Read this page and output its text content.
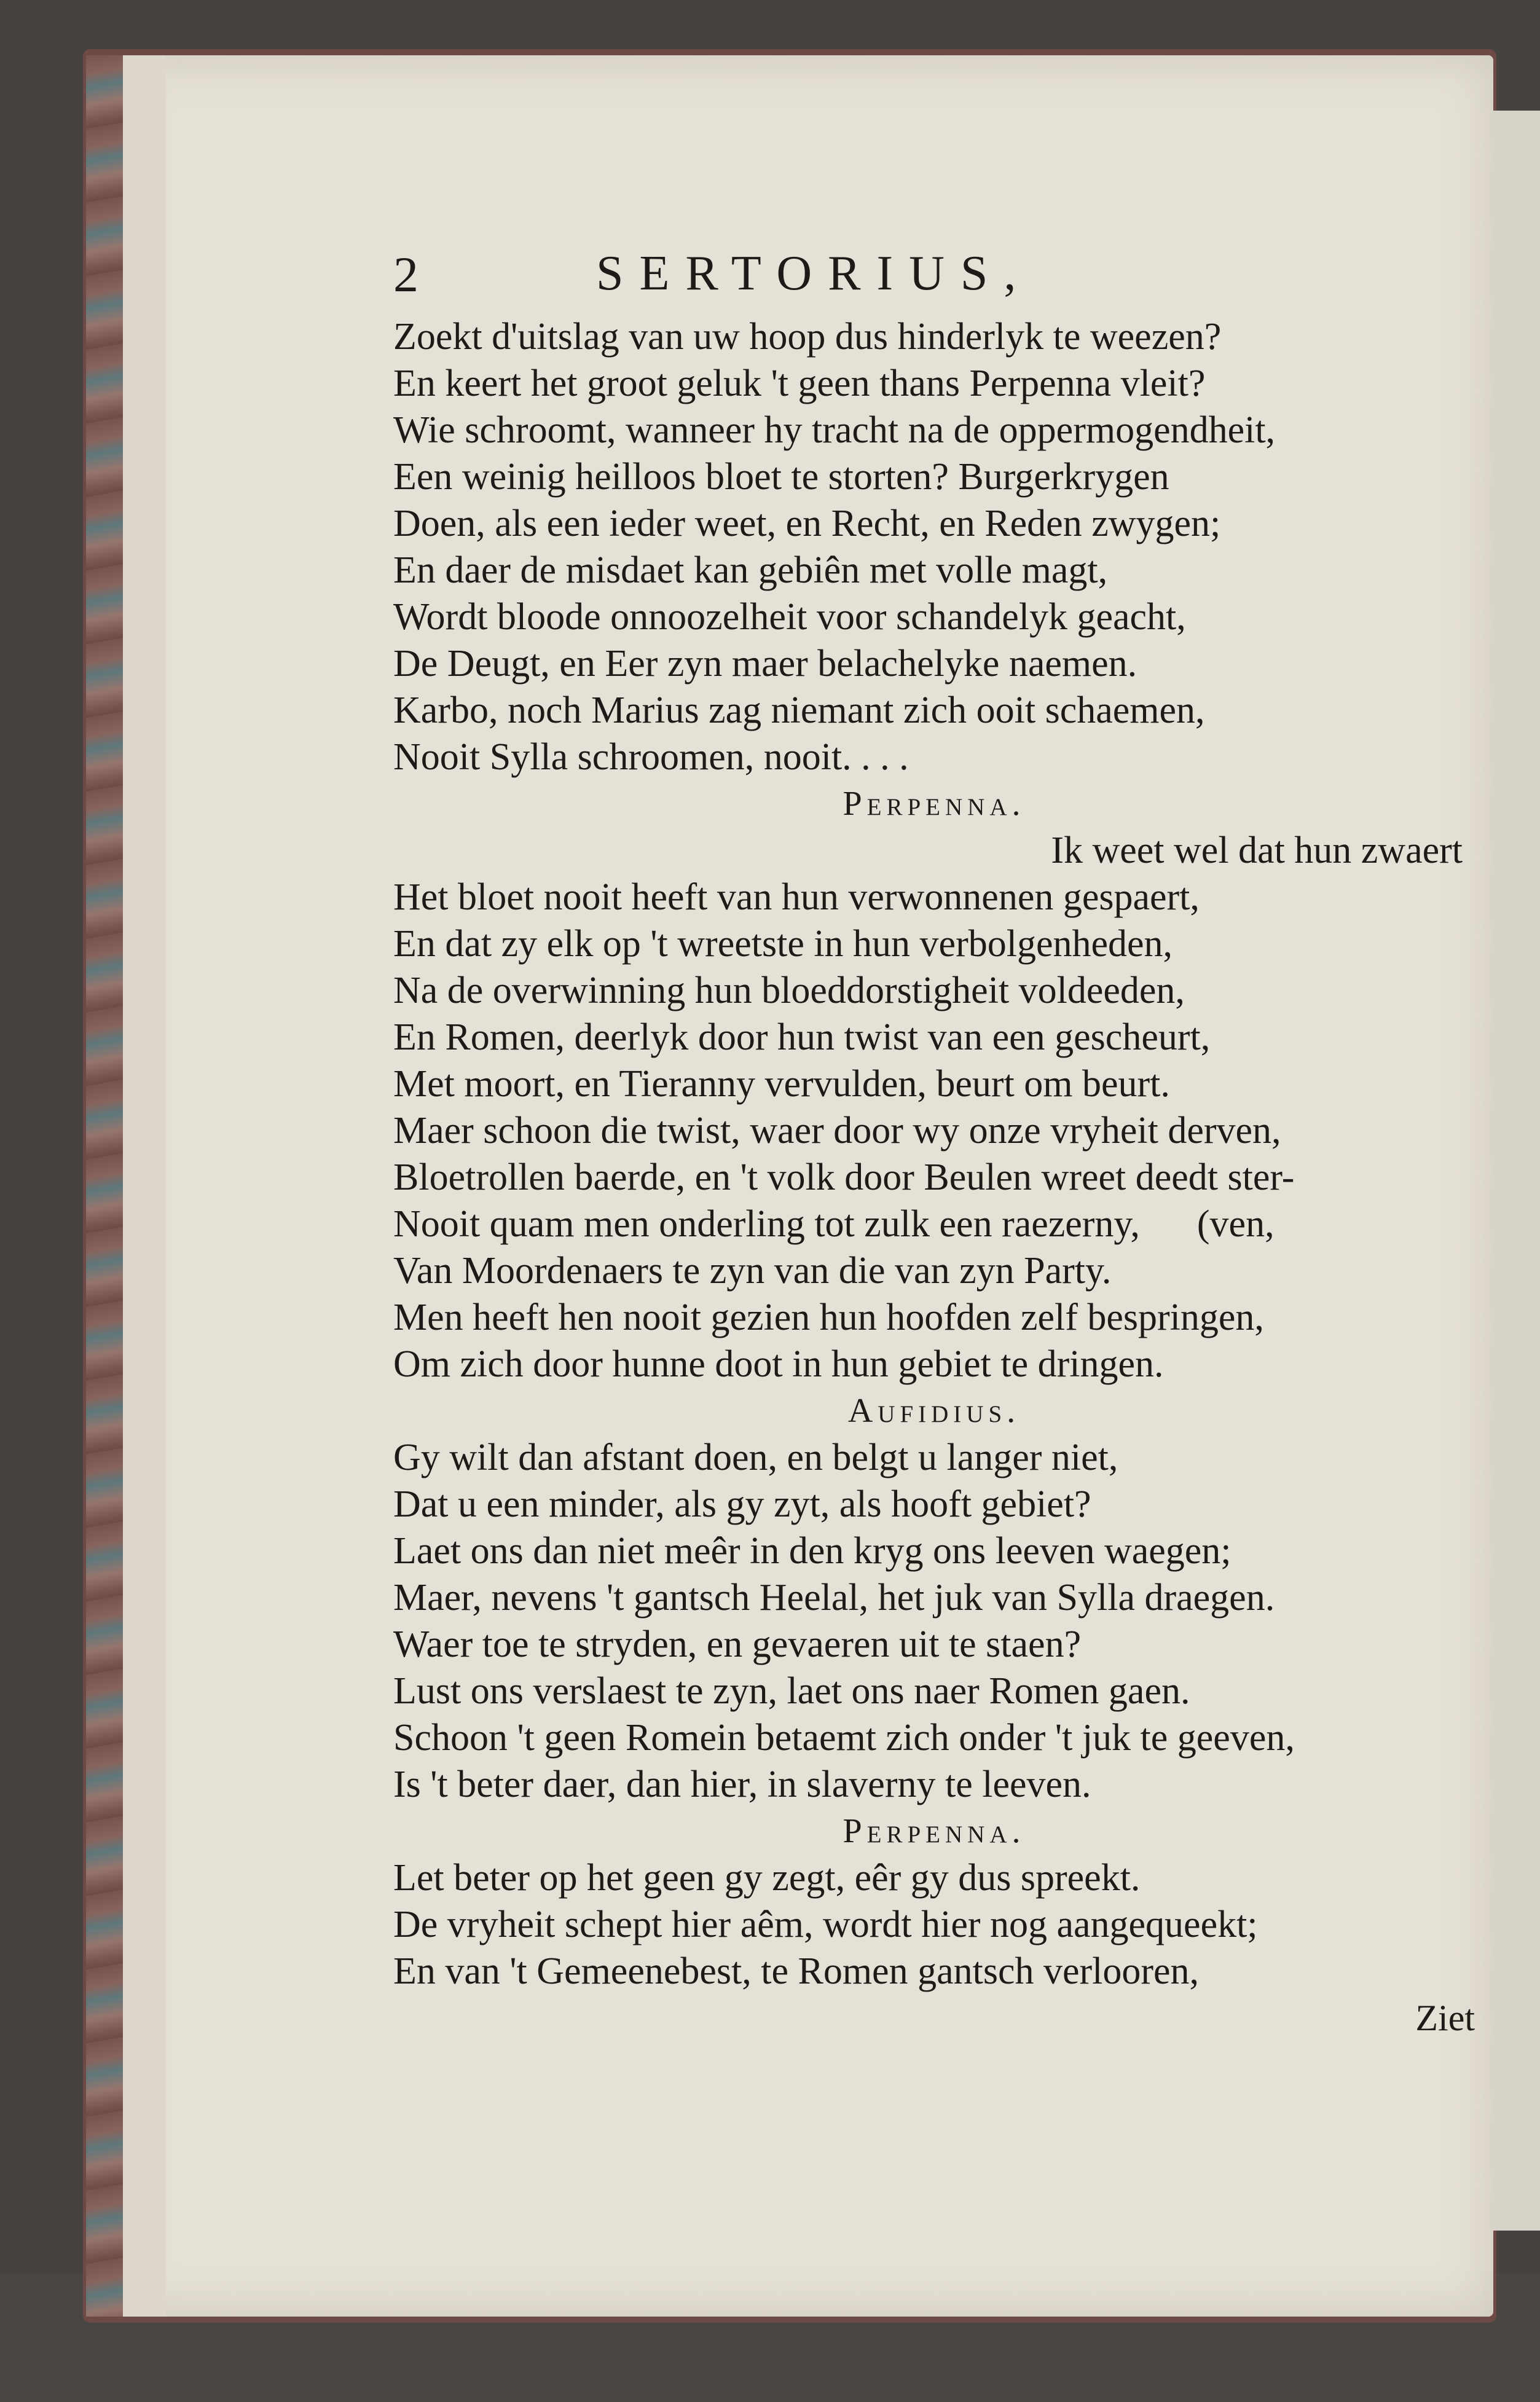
2	SERTORIUS,
Zoekt d'uitslag van uw hoop dus hinderlyk te weezen?
En keert het groot geluk 't geen thans Perpenna vleit?
Wie schroomt, wanneer hy tracht na de oppermogendheit,
Een weinig heilloos bloet te storten? Burgerkrygen
Doen, als een ieder weet, en Recht, en Reden zwygen;
En daer de misdaet kan gebiên met volle magt,
Wordt bloode onnoozelheit voor schandelyk geacht,
De Deugt, en Eer zyn maer belachelyke naemen.
Karbo, noch Marius zag niemant zich ooit schaemen,
Nooit Sylla schroomen, nooit. . . .
Perpenna.
Ik weet wel dat hun zwaert
Het bloet nooit heeft van hun verwonnenen gespaert,
En dat zy elk op 't wreetste in hun verbolgenheden,
Na de overwinning hun bloeddorstigheit voldeeden,
En Romen, deerlyk door hun twist van een gescheurt,
Met moort, en Tieranny vervulden, beurt om beurt.
Maer schoon die twist, waer door wy onze vryheit derven,
Bloetrollen baerde, en 't volk door Beulen wreet deedt ster-
Nooit quam men onderling tot zulk een raezerny,      (ven,
Van Moordenaers te zyn van die van zyn Party.
Men heeft hen nooit gezien hun hoofden zelf bespringen,
Om zich door hunne doot in hun gebiet te dringen.
Aufidius.
Gy wilt dan afstant doen, en belgt u langer niet,
Dat u een minder, als gy zyt, als hooft gebiet?
Laet ons dan niet meêr in den kryg ons leeven waegen;
Maer, nevens 't gantsch Heelal, het juk van Sylla draegen.
Waer toe te stryden, en gevaeren uit te staen?
Lust ons verslaest te zyn, laet ons naer Romen gaen.
Schoon 't geen Romein betaemt zich onder 't juk te geeven,
Is 't beter daer, dan hier, in slaverny te leeven.
Perpenna.
Let beter op het geen gy zegt, eêr gy dus spreekt.
De vryheit schept hier aêm, wordt hier nog aangequeekt;
En van 't Gemeenebest, te Romen gantsch verlooren,
Ziet
